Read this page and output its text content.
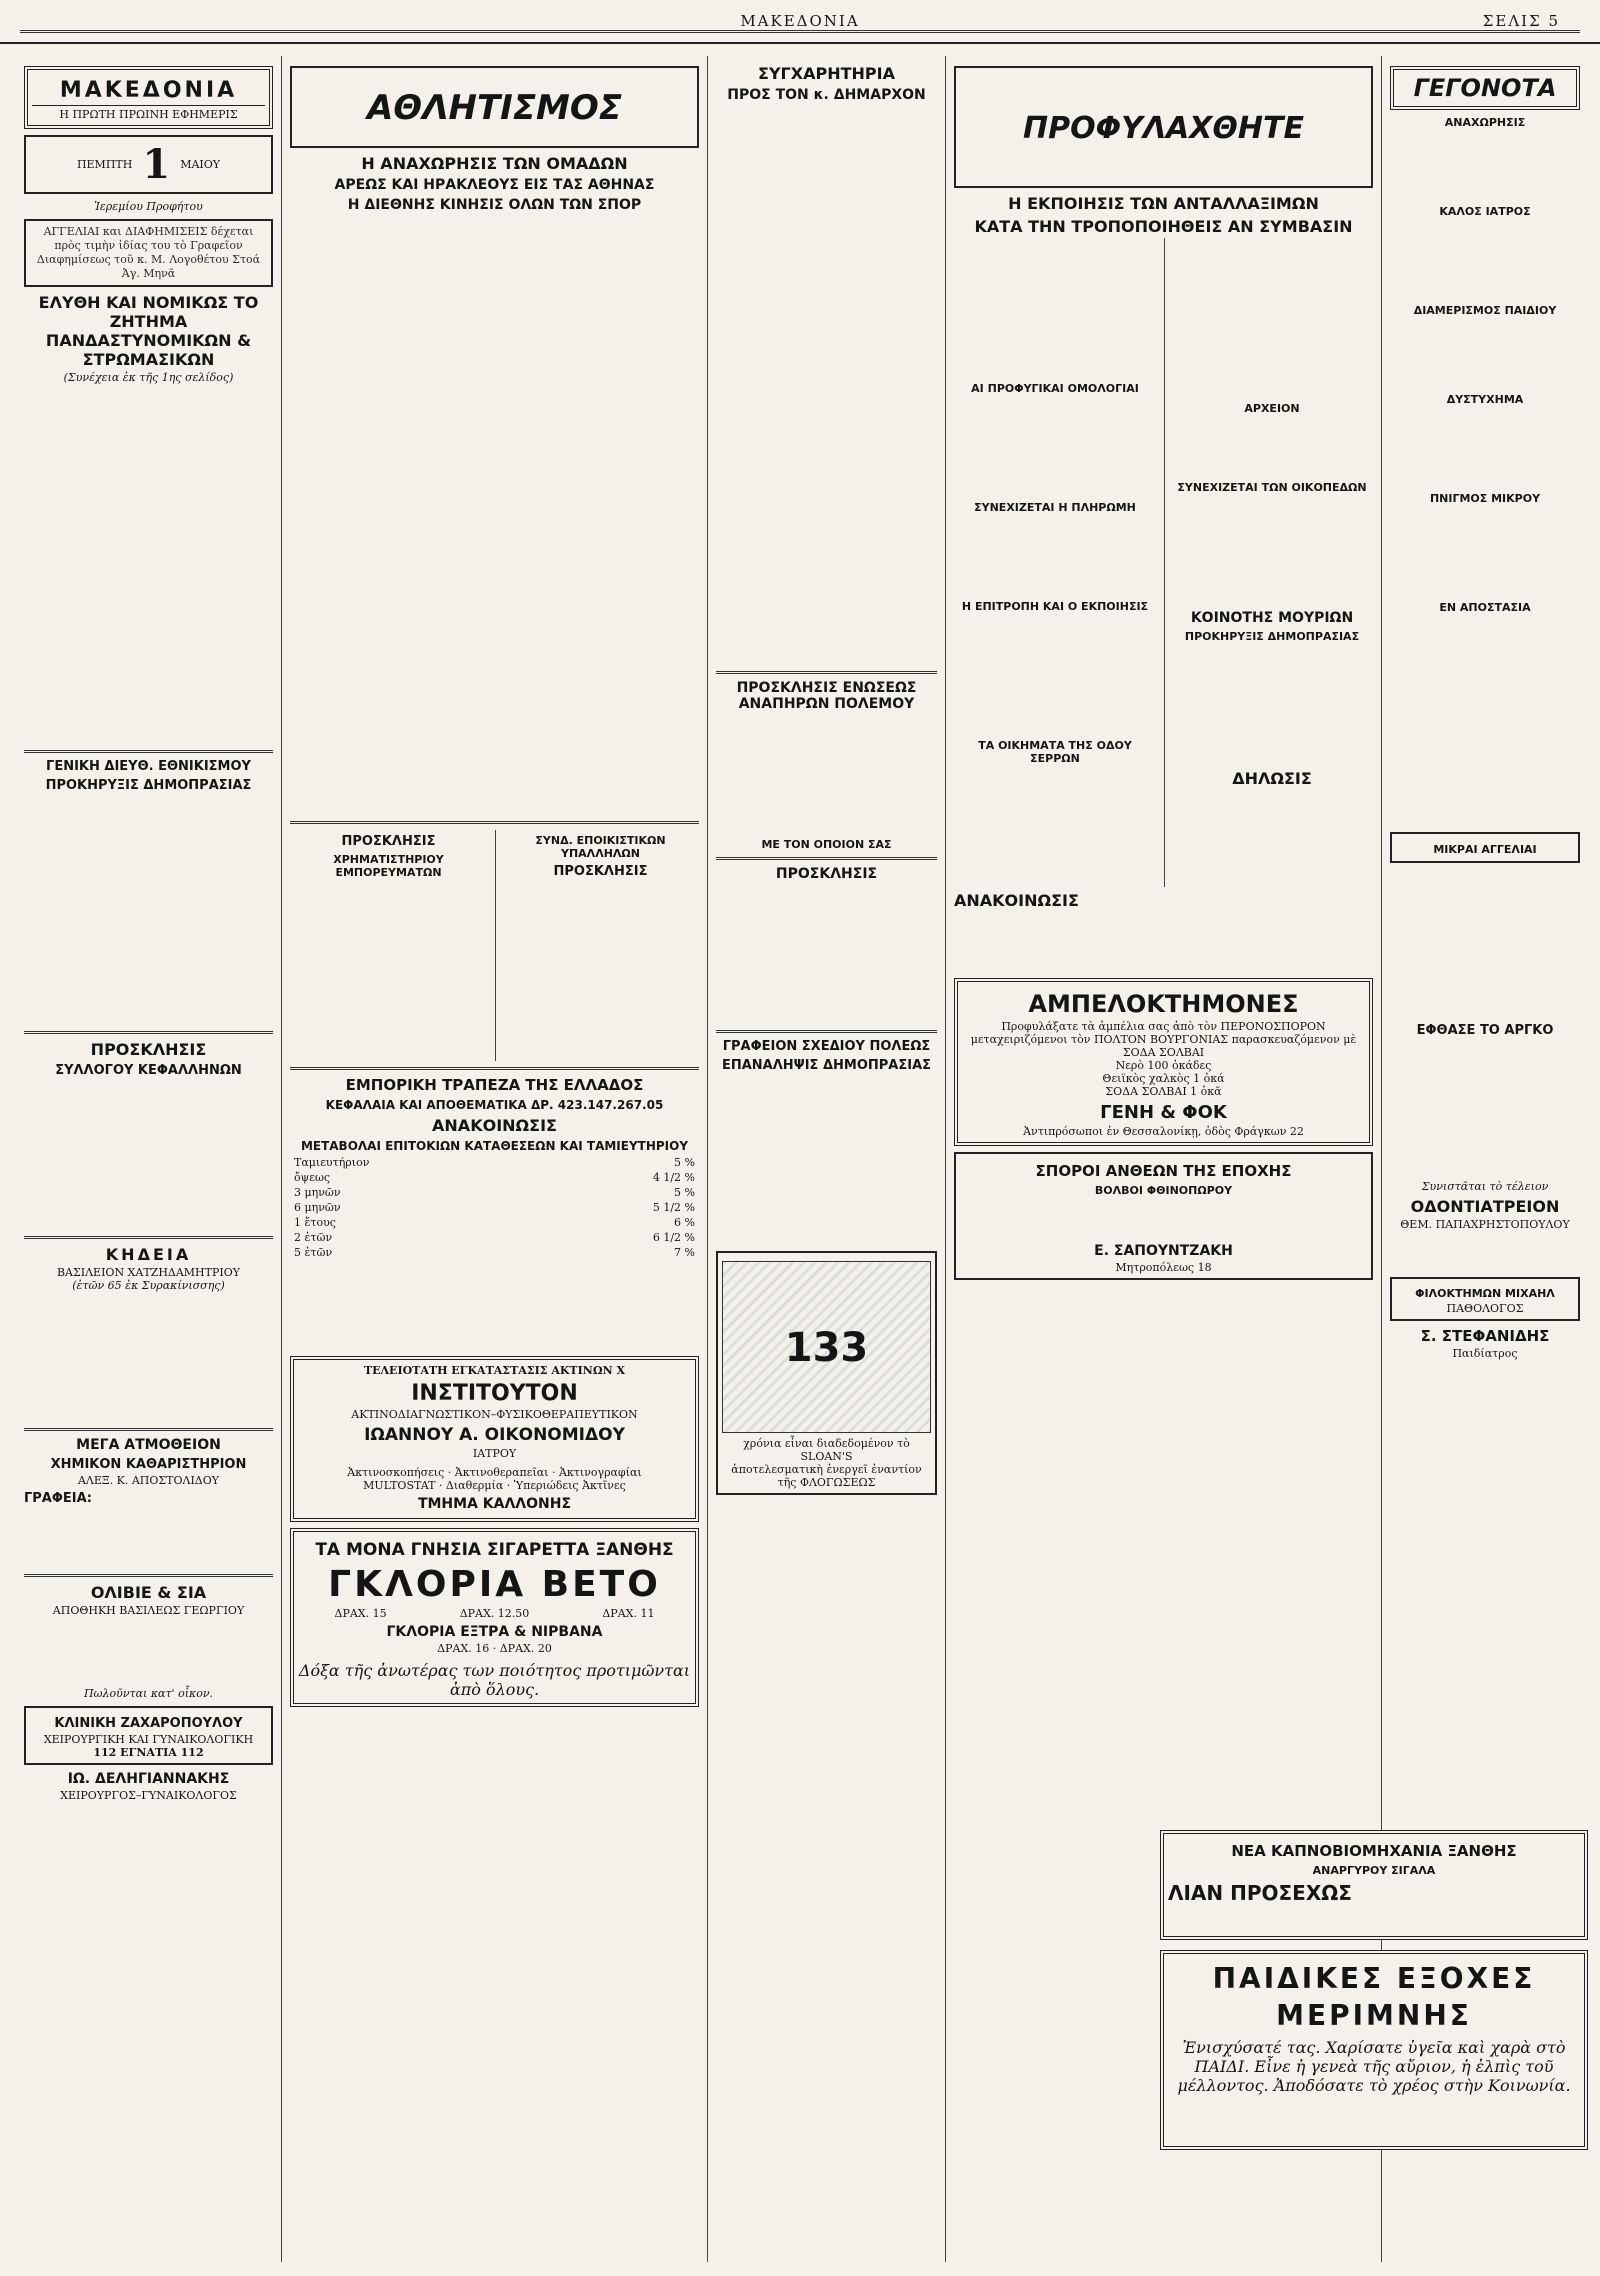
ΜΑΚΕΔΟΝΙΑ	ΣΕΛΙΣ 5
ΜΑΚΕΔΟΝΙΑ
Η ΠΡΩΤΗ ΠΡΩΙΝΗ ΕΦΗΜΕΡΙΣ
ΠΕΜΠΤΗ 1 ΜΑΙΟΥ
Ἱερεμίου Προφήτου
ΑΓΓΕΛΙΑΙ και ΔΙΑΦΗΜΙΣΕΙΣ δέχεται πρὸς τιμὴν ἰδίας του τὸ Γραφεῖον Διαφημίσεως τοῦ κ. Μ. Λογοθέτου Στοά Ἀγ. Μηνᾶ
ΕΛΥΘΗ ΚΑΙ ΝΟΜΙΚΩΣ ΤΟ ΖΗΤΗΜΑ ΠΑΝΔΑΣΤΥΝΟΜΙΚΩΝ & ΣΤΡΩΜΑΣΙΚΩΝ
(Συνέχεια ἐκ τῆς 1ης σελίδος)
ΓΕΝΙΚΗ ΔΙΕΥΘ. ΕΘΝΙΚΙΣΜΟΥ
ΠΡΟΚΗΡΥΞΙΣ ΔΗΜΟΠΡΑΣΙΑΣ
ΠΡΟΣΚΛΗΣΙΣ
ΣΥΛΛΟΓΟΥ ΚΕΦΑΛΛΗΝΩΝ
ΚΗΔΕΙΑ
ΒΑΣΙΛΕΙΟΝ ΧΑΤΖΗΔΑΜΗΤΡΙΟΥ
(ἐτῶν 65 ἐκ Συρακίνισσης)
ΜΕΓΑ ΑΤΜΟΘΕΙΟΝ
ΧΗΜΙΚΟΝ ΚΑΘΑΡΙΣΤΗΡΙΟΝ
ΑΛΕΞ. Κ. ΑΠΟΣΤΟΛΙΔΟΥ
ΓΡΑΦΕΙΑ:
ΟΛΙΒΙΕ & ΣΙΑ
ΑΠΟΘΗΚΗ ΒΑΣΙΛΕΩΣ ΓΕΩΡΓΙΟΥ
Πωλοῦνται κατ' οἶκον.
ΚΛΙΝΙΚΗ ΖΑΧΑΡΟΠΟΥΛΟΥ
ΧΕΙΡΟΥΡΓΙΚΗ ΚΑΙ ΓΥΝΑΙΚΟΛΟΓΙΚΗ
112 ΕΓΝΑΤΙΑ 112
ΙΩ. ΔΕΛΗΓΙΑΝΝΑΚΗΣ
ΧΕΙΡΟΥΡΓΟΣ–ΓΥΝΑΙΚΟΛΟΓΟΣ
ΑΘΛΗΤΙΣΜΟΣ
Η ΑΝΑΧΩΡΗΣΙΣ ΤΩΝ ΟΜΑΔΩΝ
ΑΡΕΩΣ ΚΑΙ ΗΡΑΚΛΕΟΥΣ ΕΙΣ ΤΑΣ ΑΘΗΝΑΣ
Η ΔΙΕΘΝΗΣ ΚΙΝΗΣΙΣ ΟΛΩΝ ΤΩΝ ΣΠΟΡ
ΠΡΟΣΚΛΗΣΙΣ
ΧΡΗΜΑΤΙΣΤΗΡΙΟΥ ΕΜΠΟΡΕΥΜΑΤΩΝ
ΣΥΝΔ. ΕΠΟΙΚΙΣΤΙΚΩΝ ΥΠΑΛΛΗΛΩΝ
ΠΡΟΣΚΛΗΣΙΣ
ΕΜΠΟΡΙΚΗ ΤΡΑΠΕΖΑ ΤΗΣ ΕΛΛΑΔΟΣ
ΚΕΦΑΛΑΙΑ ΚΑΙ ΑΠΟΘΕΜΑΤΙΚΑ ΔΡ. 423.147.267.05
ΑΝΑΚΟΙΝΩΣΙΣ
ΜΕΤΑΒΟΛΑΙ ΕΠΙΤΟΚΙΩΝ ΚΑΤΑΘΕΣΕΩΝ ΚΑΙ ΤΑΜΙΕΥΤΗΡΙΟΥ
Ταμιευτήριον	5 %
ὄψεως	4 1/2 %
3 μηνῶν	5 %
6 μηνῶν	5 1/2 %
1 ἔτους	6 %
2 ἐτῶν	6 1/2 %
5 ἐτῶν	7 %
ΤΕΛΕΙΟΤΑΤΗ ΕΓΚΑΤΑΣΤΑΣΙΣ ΑΚΤΙΝΩΝ Χ
ΙΝΣΤΙΤΟΥΤΟΝ
ΑΚΤΙΝΟΔΙΑΓΝΩΣΤΙΚΟΝ–ΦΥΣΙΚΟΘΕΡΑΠΕΥΤΙΚΟΝ
ΙΩΑΝΝΟΥ Α. ΟΙΚΟΝΟΜΙΔΟΥ
ΙΑΤΡΟΥ
Ἀκτινοσκοπήσεις · Ἀκτινοθεραπεῖαι · Ἀκτινογραφίαι
MULTOSTAT · Διαθερμία · Ὑπεριώδεις Ἀκτῖνες
ΤΜΗΜΑ ΚΑΛΛΟΝΗΣ
ΤΑ ΜΟΝΑ ΓΝΗΣΙΑ ΣΙΓΑΡΕΤΤΑ ΞΑΝΘΗΣ
ΓΚΛΟΡΙΑ ΒΕΤΟ
ΔΡΑΧ. 15	ΔΡΑΧ. 12.50	ΔΡΑΧ. 11
ΓΚΛΟΡΙΑ ΕΞΤΡΑ & ΝΙΡΒΑΝΑ
ΔΡΑΧ. 16 · ΔΡΑΧ. 20
Δόξα τῆς ἀνωτέρας των ποιότητος προτιμῶνται ἀπὸ ὅλους.
ΣΥΓΧΑΡΗΤΗΡΙΑ
ΠΡΟΣ ΤΟΝ κ. ΔΗΜΑΡΧΟΝ
ΠΡΟΣΚΛΗΣΙΣ ΕΝΩΣΕΩΣ ΑΝΑΠΗΡΩΝ ΠΟΛΕΜΟΥ
ΜΕ ΤΟΝ ΟΠΟΙΟΝ ΣΑΣ
ΠΡΟΣΚΛΗΣΙΣ
ΓΡΑΦΕΙΟΝ ΣΧΕΔΙΟΥ ΠΟΛΕΩΣ
ΕΠΑΝΑΛΗΨΙΣ ΔΗΜΟΠΡΑΣΙΑΣ
133
χρόνια εἶναι διαδεδομένον τὸ SLOAN'S
ἀποτελεσματικὴ ἐνεργεῖ ἐναντίον τῆς ΦΛΟΓΩΣΕΩΣ
ΠΡΟΦΥΛΑΧΘΗΤΕ
Η ΕΚΠΟΙΗΣΙΣ ΤΩΝ ΑΝΤΑΛΛΑΞΙΜΩΝ
ΚΑΤΑ ΤΗΝ ΤΡΟΠΟΠΟΙΗΘΕΙΣ ΑΝ ΣΥΜΒΑΣΙΝ
ΑΙ ΠΡΟΦΥΓΙΚΑΙ ΟΜΟΛΟΓΙΑΙ
ΣΥΝΕΧΙΖΕΤΑΙ Η ΠΛΗΡΩΜΗ
Η ΕΠΙΤΡΟΠΗ ΚΑΙ Ο ΕΚΠΟΙΗΣΙΣ
ΤΑ ΟΙΚΗΜΑΤΑ ΤΗΣ ΟΔΟΥ ΣΕΡΡΩΝ
ΑΡΧΕΙΟΝ
ΣΥΝΕΧΙΖΕΤΑΙ ΤΩΝ ΟΙΚΟΠΕΔΩΝ
ΚΟΙΝΟΤΗΣ ΜΟΥΡΙΩΝ
ΠΡΟΚΗΡΥΞΙΣ ΔΗΜΟΠΡΑΣΙΑΣ
ΔΗΛΩΣΙΣ
ΑΝΑΚΟΙΝΩΣΙΣ
ΑΜΠΕΛΟΚΤΗΜΟΝΕΣ
Προφυλάξατε τὰ ἀμπέλια σας ἀπὸ τὸν ΠΕΡΟΝΟΣΠΟΡΟΝ μεταχειριζόμενοι τὸν ΠΟΛΤΟΝ ΒΟΥΡΓΟΝΙΑΣ παρασκευαζόμενον μὲ ΣΟΔΑ ΣΟΛΒΑΙ
Νερὸ 100 ὀκάδες
Θειϊκὸς χαλκὸς 1 ὀκά
ΣΟΔΑ ΣΟΛΒΑΙ 1 ὀκᾶ
ΓΕΝΗ & ΦΟΚ
Ἀντιπρόσωποι ἐν Θεσσαλονίκῃ, ὁδὸς Φράγκων 22
ΣΠΟΡΟΙ ΑΝΘΕΩΝ ΤΗΣ ΕΠΟΧΗΣ
ΒΟΛΒΟΙ ΦΘΙΝΟΠΩΡΟΥ
Ε. ΣΑΠΟΥΝΤΖΑΚΗ
Μητροπόλεως 18
ΓΕΓΟΝΟΤΑ
ΑΝΑΧΩΡΗΣΙΣ
ΚΑΛΟΣ ΙΑΤΡΟΣ
ΔΙΑΜΕΡΙΣΜΟΣ ΠΑΙΔΙΟΥ
ΔΥΣΤΥΧΗΜΑ
ΠΝΙΓΜΟΣ ΜΙΚΡΟΥ
ΕΝ ΑΠΟΣΤΑΣΙΑ
ΜΙΚΡΑΙ ΑΓΓΕΛΙΑΙ
ΕΦΘΑΣΕ ΤΟ ΑΡΓΚΟ
Συνιστᾶται τὸ τέλειον
ΟΔΟΝΤΙΑΤΡΕΙΟΝ
ΘΕΜ. ΠΑΠΑΧΡΗΣΤΟΠΟΥΛΟΥ
ΦΙΛΟΚΤΗΜΩΝ ΜΙΧΑΗΛ
ΠΑΘΟΛΟΓΟΣ
Σ. ΣΤΕΦΑΝΙΔΗΣ
Παιδίατρος
ΝΕΑ ΚΑΠΝΟΒΙΟΜΗΧΑΝΙΑ ΞΑΝΘΗΣ
ΑΝΑΡΓΥΡΟΥ ΣΙΓΑΛΑ
ΛΙΑΝ ΠΡΟΣΕΧΩΣ
ΠΑΙΔΙΚΕΣ ΕΞΟΧΕΣ
ΜΕΡΙΜΝΗΣ
Ἐνισχύσατέ τας. Χαρίσατε ὑγεῖα καὶ χαρὰ στὸ ΠΑΙΔΙ. Εἶνε ἡ γενεὰ τῆς αὔριον, ἡ ἐλπὶς τοῦ μέλλοντος. Ἀποδόσατε τὸ χρέος στὴν Κοινωνία.
